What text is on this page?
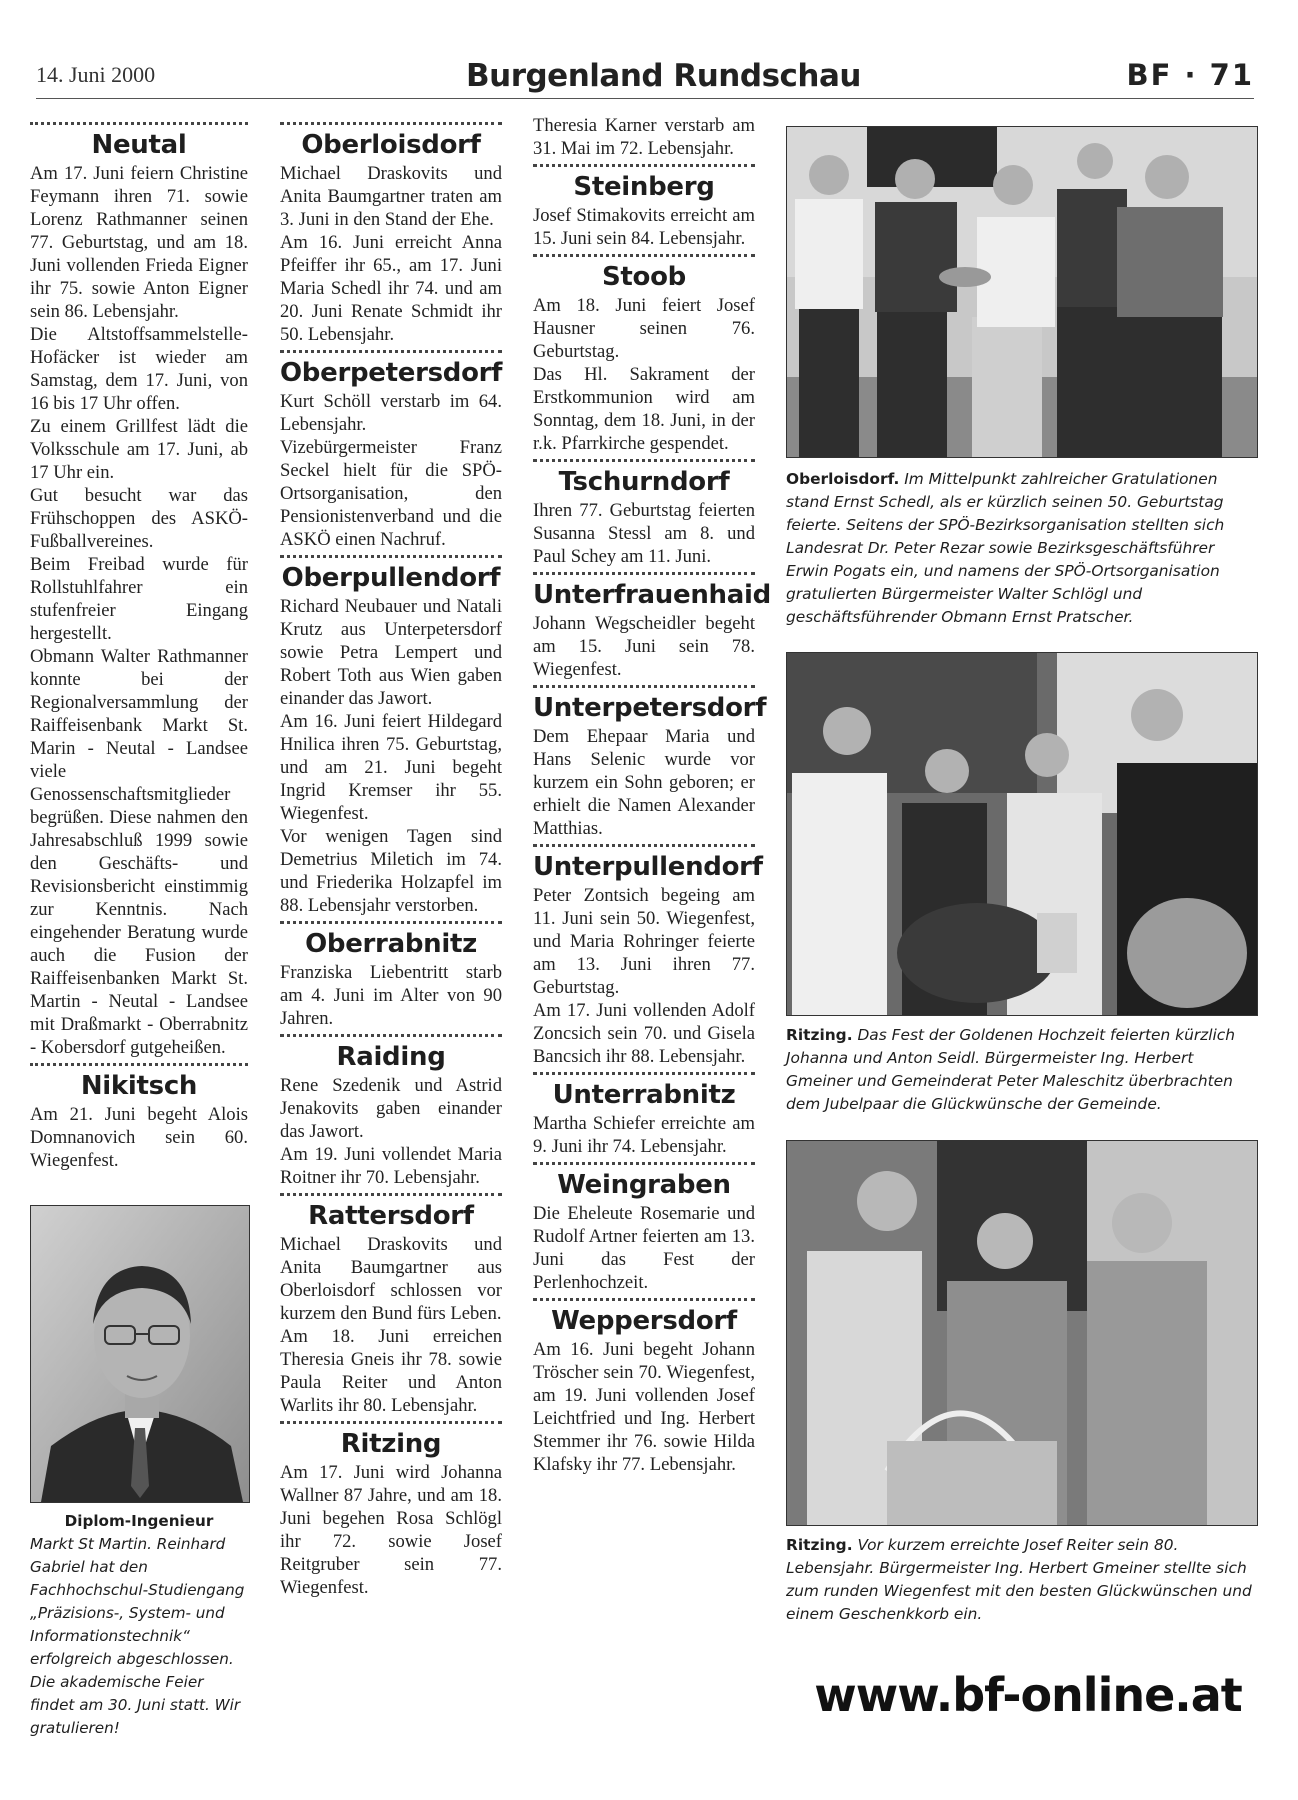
14. Juni 2000	Burgenland Rundschau	BF · 71
Neutal

Am 17. Juni feiern Christine Feymann ihren 71. sowie Lorenz Rathmanner seinen 77. Geburtstag, und am 18. Juni vollenden Frieda Eigner ihr 75. sowie Anton Eigner sein 86. Lebensjahr.

Die Altstoffsammelstelle-Hofäcker ist wieder am Samstag, dem 17. Juni, von 16 bis 17 Uhr offen.

Zu einem Grillfest lädt die Volksschule am 17. Juni, ab 17 Uhr ein.

Gut besucht war das Frühschoppen des ASKÖ-Fußballvereines.

Beim Freibad wurde für Rollstuhlfahrer ein stufenfreier Eingang hergestellt.

Obmann Walter Rathmanner konnte bei der Regionalversammlung der Raiffeisenbank Markt St. Marin - Neutal - Landsee viele Genossenschaftsmitglieder begrüßen. Diese nahmen den Jahresabschluß 1999 sowie den Geschäfts- und Revisionsbericht einstimmig zur Kenntnis. Nach eingehender Beratung wurde auch die Fusion der Raiffeisenbanken Markt St. Martin - Neutal - Landsee mit Draßmarkt - Oberrabnitz - Kobersdorf gutgeheißen.

Nikitsch

Am 21. Juni begeht Alois Domnanovich sein 60. Wiegenfest.

Diplom-Ingenieur
Markt St Martin. Reinhard Gabriel hat den Fachhochschul-Studiengang „Präzisions-, System- und Informationstechnik“ erfolgreich abgeschlossen. Die akademische Feier findet am 30. Juni statt. Wir gratulieren!
Oberloisdorf

Michael Draskovits und Anita Baumgartner traten am 3. Juni in den Stand der Ehe.

Am 16. Juni erreicht Anna Pfeiffer ihr 65., am 17. Juni Maria Schedl ihr 74. und am 20. Juni Renate Schmidt ihr 50. Lebensjahr.

Oberpetersdorf

Kurt Schöll verstarb im 64. Lebensjahr. Vizebürgermeister Franz Seckel hielt für die SPÖ-Ortsorganisation, den Pensionistenverband und die ASKÖ einen Nachruf.

Oberpullendorf

Richard Neubauer und Natali Krutz aus Unterpetersdorf sowie Petra Lempert und Robert Toth aus Wien gaben einander das Jawort.

Am 16. Juni feiert Hildegard Hnilica ihren 75. Geburtstag, und am 21. Juni begeht Ingrid Kremser ihr 55. Wiegenfest.

Vor wenigen Tagen sind Demetrius Miletich im 74. und Friederika Holzapfel im 88. Lebensjahr verstorben.

Oberrabnitz

Franziska Liebentritt starb am 4. Juni im Alter von 90 Jahren.

Raiding

Rene Szedenik und Astrid Jenakovits gaben einander das Jawort.

Am 19. Juni vollendet Maria Roitner ihr 70. Lebensjahr.

Rattersdorf

Michael Draskovits und Anita Baumgartner aus Oberloisdorf schlossen vor kurzem den Bund fürs Leben.

Am 18. Juni erreichen Theresia Gneis ihr 78. sowie Paula Reiter und Anton Warlits ihr 80. Lebensjahr.

Ritzing

Am 17. Juni wird Johanna Wallner 87 Jahre, und am 18. Juni begehen Rosa Schlögl ihr 72. sowie Josef Reitgruber sein 77. Wiegenfest.

Theresia Karner verstarb am 31. Mai im 72. Lebensjahr.

Steinberg

Josef Stimakovits erreicht am 15. Juni sein 84. Lebensjahr.

Stoob

Am 18. Juni feiert Josef Hausner seinen 76. Geburtstag.

Das Hl. Sakrament der Erstkommunion wird am Sonntag, dem 18. Juni, in der r.k. Pfarrkirche gespendet.

Tschurndorf

Ihren 77. Geburtstag feierten Susanna Stessl am 8. und Paul Schey am 11. Juni.

Unterfrauenhaid

Johann Wegscheidler begeht am 15. Juni sein 78. Wiegenfest.

Unterpetersdorf

Dem Ehepaar Maria und Hans Selenic wurde vor kurzem ein Sohn geboren; er erhielt die Namen Alexander Matthias.

Unterpullendorf

Peter Zontsich begeing am 11. Juni sein 50. Wiegenfest, und Maria Rohringer feierte am 13. Juni ihren 77. Geburtstag.

Am 17. Juni vollenden Adolf Zoncsich sein 70. und Gisela Bancsich ihr 88. Lebensjahr.

Unterrabnitz

Martha Schiefer erreichte am 9. Juni ihr 74. Lebensjahr.

Weingraben

Die Eheleute Rosemarie und Rudolf Artner feierten am 13. Juni das Fest der Perlenhochzeit.

Weppersdorf

Am 16. Juni begeht Johann Tröscher sein 70. Wiegenfest, am 19. Juni vollenden Josef Leichtfried und Ing. Herbert Stemmer ihr 76. sowie Hilda Klafsky ihr 77. Lebensjahr.

Oberloisdorf. Im Mittelpunkt zahlreicher Gratulationen stand Ernst Schedl, als er kürzlich seinen 50. Geburtstag feierte. Seitens der SPÖ-Bezirksorganisation stellten sich Landesrat Dr. Peter Rezar sowie Bezirksgeschäftsführer Erwin Pogats ein, und namens der SPÖ-Ortsorganisation gratulierten Bürgermeister Walter Schlögl und geschäftsführender Obmann Ernst Pratscher.
Ritzing. Das Fest der Goldenen Hochzeit feierten kürzlich Johanna und Anton Seidl. Bürgermeister Ing. Herbert Gmeiner und Gemeinderat Peter Maleschitz überbrachten dem Jubelpaar die Glückwünsche der Gemeinde.
Ritzing. Vor kurzem erreichte Josef Reiter sein 80. Lebensjahr. Bürgermeister Ing. Herbert Gmeiner stellte sich zum runden Wiegenfest mit den besten Glückwünschen und einem Geschenkkorb ein.
www.bf-online.at
